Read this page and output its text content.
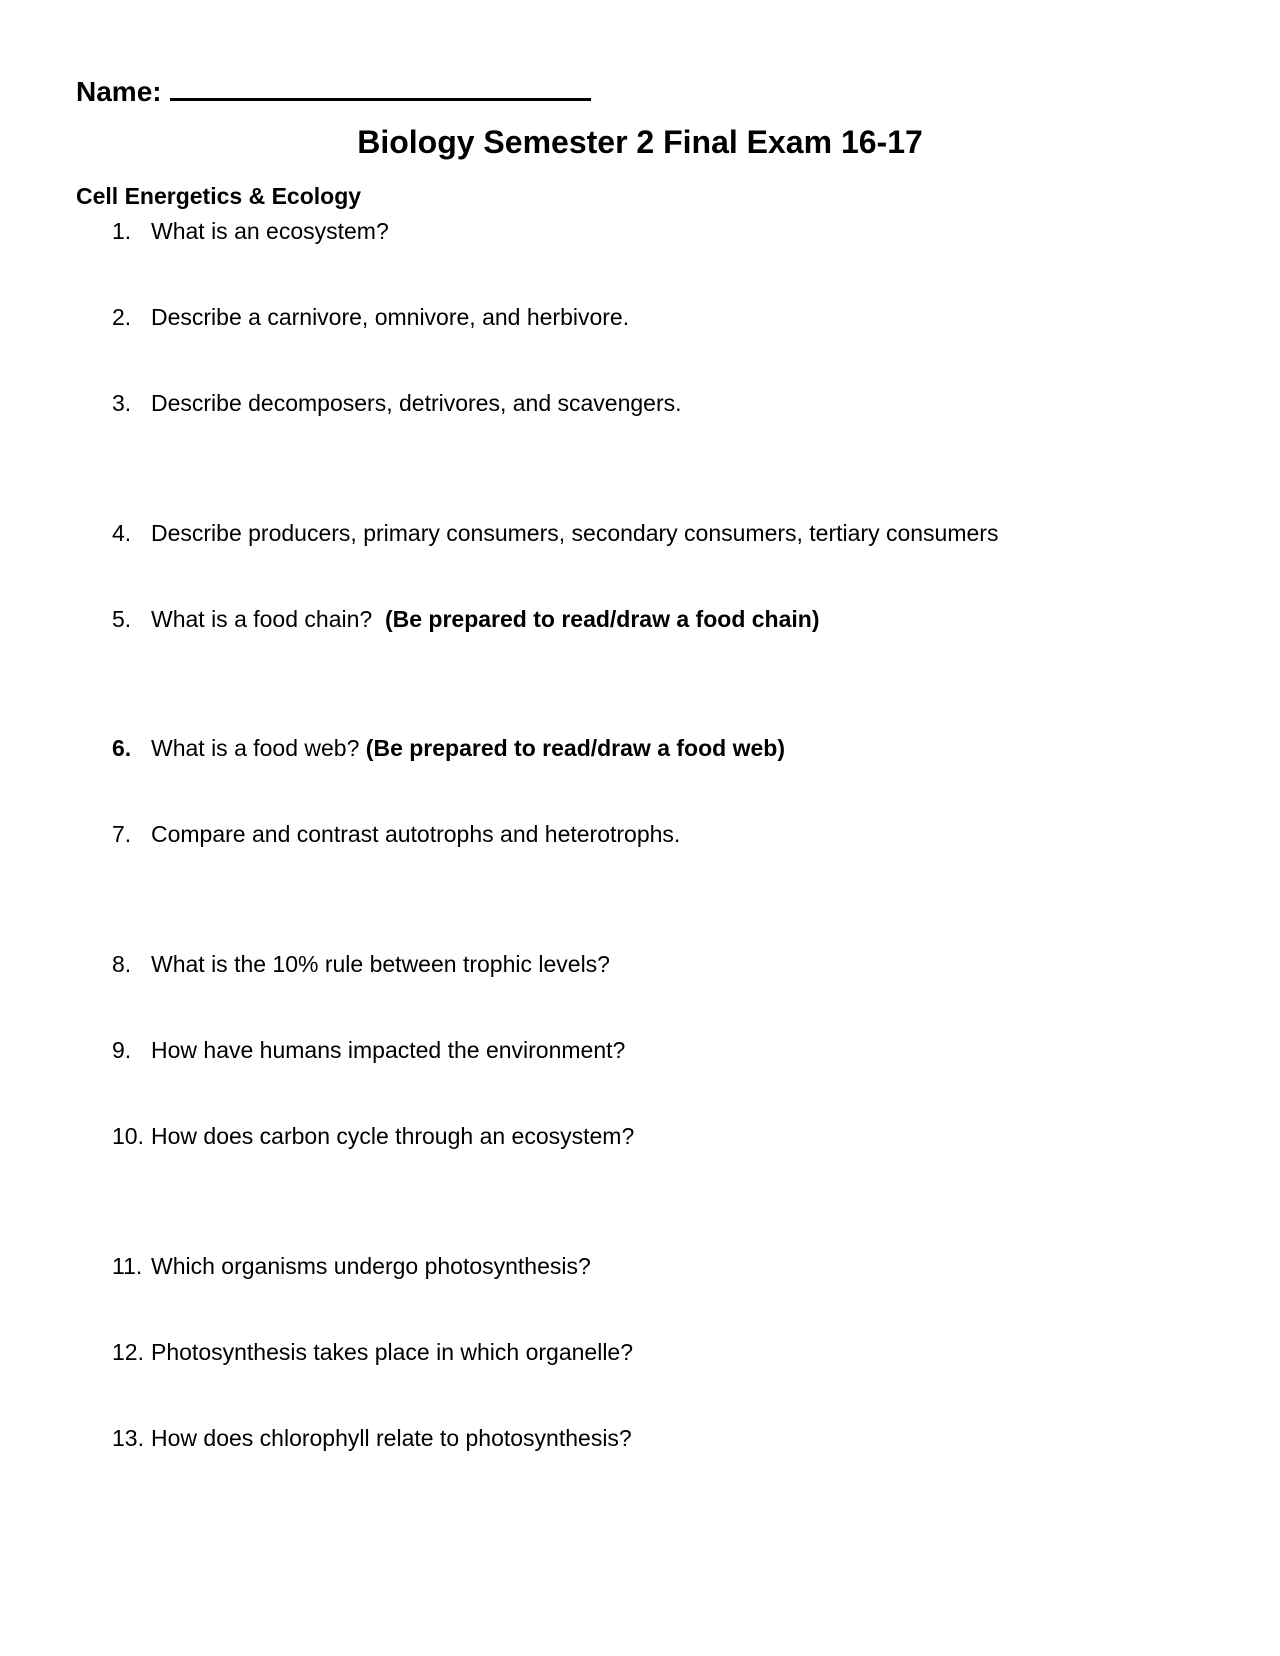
Name:
Biology Semester 2 Final Exam 16-17
Cell Energetics & Ecology
1. What is an ecosystem?
2. Describe a carnivore, omnivore, and herbivore.
3. Describe decomposers, detrivores, and scavengers.
4. Describe producers, primary consumers, secondary consumers, tertiary consumers
5. What is a food chain? (Be prepared to read/draw a food chain)
6. What is a food web? (Be prepared to read/draw a food web)
7. Compare and contrast autotrophs and heterotrophs.
8. What is the 10% rule between trophic levels?
9. How have humans impacted the environment?
10. How does carbon cycle through an ecosystem?
11. Which organisms undergo photosynthesis?
12. Photosynthesis takes place in which organelle?
13. How does chlorophyll relate to photosynthesis?
